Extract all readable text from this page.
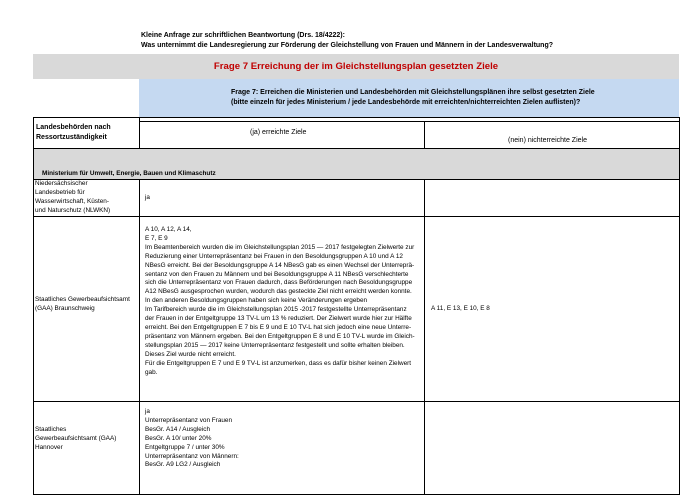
Kleine Anfrage zur schriftlichen Beantwortung (Drs. 18/4222):
Was unternimmt die Landesregierung zur Förderung der Gleichstellung von Frauen und Männern in der Landesverwaltung?
Frage 7 Erreichung der im Gleichstellungsplan gesetzten Ziele
Frage 7: Erreichen die Ministerien und Landesbehörden mit Gleichstellungsplänen ihre selbst gesetzten Ziele
(bitte einzeln für jedes Ministerium / jede Landesbehörde mit erreichten/nichterreichten Zielen auflisten)?
Landesbehörden nach
Ressortzuständigkeit
(ja) erreichte Ziele
(nein) nichterreichte Ziele
Ministerium für Umwelt, Energie, Bauen und Klimaschutz
Niedersächsischer
Landesbetrieb für
Wasserwirtschaft, Küsten-
und Naturschutz (NLWKN)
ja
Staatliches Gewerbeaufsichtsamt
(GAA) Braunschweig
A 10, A 12, A 14,
E 7, E 9
Im Beamtenbereich wurden die im Gleichstellungsplan 2015 — 2017 festgelegten Zielwerte zur
Reduzierung einer Unterrepräsentanz bei Frauen in den Besoldungsgruppen A 10 und A 12
NBesG erreicht. Bei der Besoldungsgruppe A 14 NBesG gab es einen Wechsel der Unterreprä-
sentanz von den Frauen zu Männern und bei Besoldungsgruppe A 11 NBesG verschlechterte
sich die Unterrepräsentanz von Frauen dadurch, dass Beförderungen nach Besoldungsgruppe
A12 NBesG ausgesprochen wurden, wodurch das gesteckte Ziel nicht erreicht werden konnte.
In den anderen Besoldungsgruppen haben sich keine Veränderungen ergeben
Im Tarifbereich wurde die im Gleichstellungsplan 2015 -2017 festgestellte Unterrepräsentanz
der Frauen in der Entgeltgruppe 13 TV-L um 13 % reduziert. Der Zielwert wurde hier zur Hälfte
erreicht. Bei den Entgeltgruppen E 7 bis E 9 und E 10 TV-L hat sich jedoch eine neue Unterre-
präsentanz von Männern ergeben. Bei den Entgeltgruppen E 8 und E 10 TV-L wurde im Gleich-
stellungsplan 2015 — 2017 keine Unterrepräsentanz festgestellt und sollte erhalten bleiben.
Dieses Ziel wurde nicht erreicht.
Für die Entgeltgruppen E 7 und E 9 TV-L ist anzumerken, dass es dafür bisher keinen Zielwert
gab.
A 11, E 13, E 10, E 8
Staatliches
Gewerbeaufsichtsamt (GAA)
Hannover
ja
Unterrepräsentanz von Frauen
BesGr. A14 / Ausgleich
BesGr. A 10/ unter 20%
Entgeltgruppe 7 / unter 30%
Unterrepräsentanz von Männern:
BesGr. A9 LG2 / Ausgleich
